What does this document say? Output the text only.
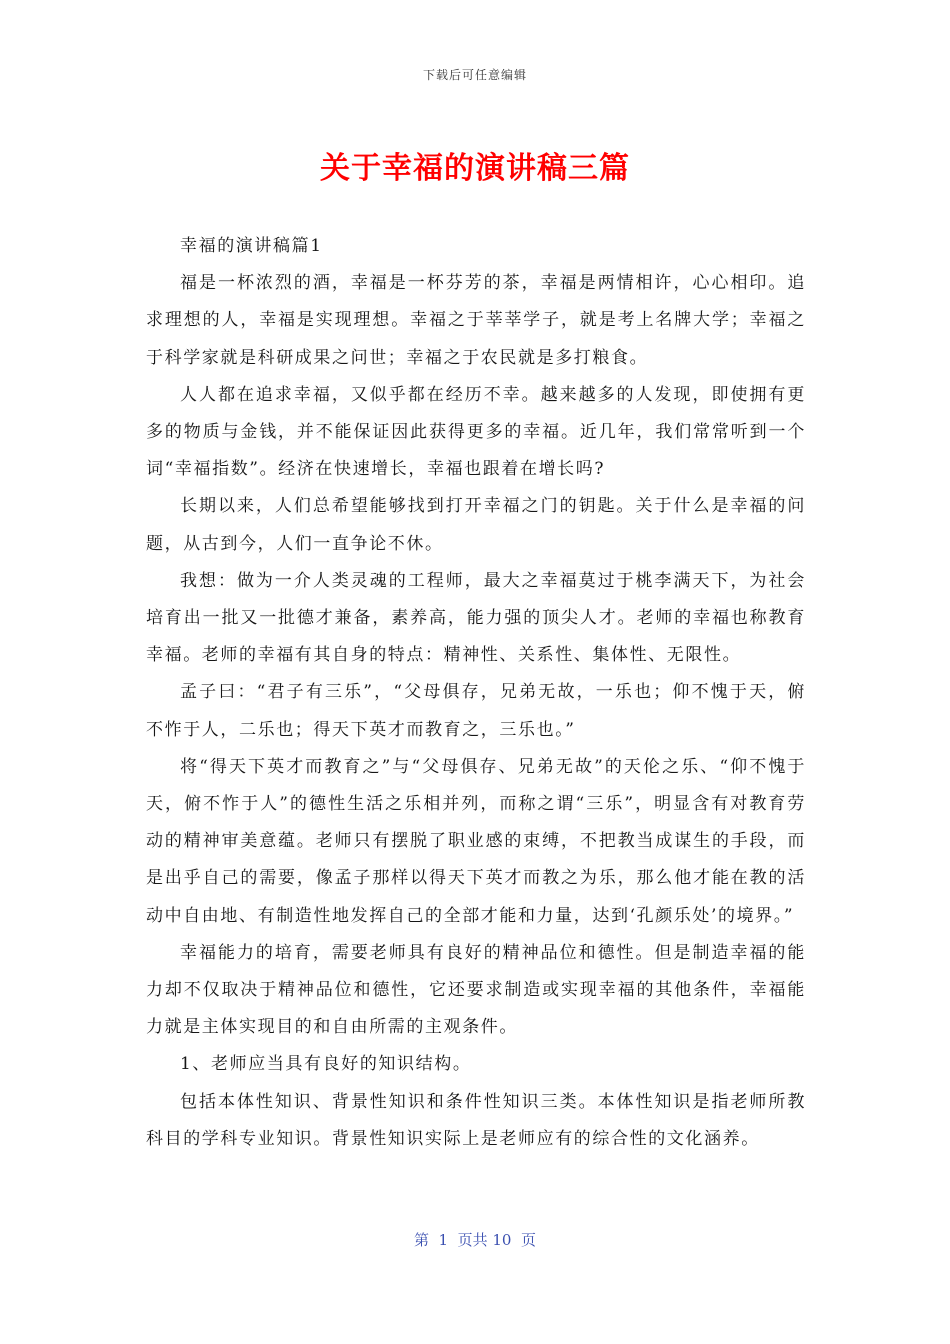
下载后可任意编辑
关于幸福的演讲稿三篇

幸福的演讲稿篇1

福是一杯浓烈的酒，幸福是一杯芬芳的茶，幸福是两情相许，心心相印。追求理想的人，幸福是实现理想。幸福之于莘莘学子，就是考上名牌大学；幸福之于科学家就是科研成果之问世；幸福之于农民就是多打粮食。

人人都在追求幸福，又似乎都在经历不幸。越来越多的人发现，即使拥有更多的物质与金钱，并不能保证因此获得更多的幸福。近几年，我们常常听到一个词“幸福指数”。经济在快速增长，幸福也跟着在增长吗?

长期以来，人们总希望能够找到打开幸福之门的钥匙。关于什么是幸福的问题，从古到今，人们一直争论不休。

我想：做为一介人类灵魂的工程师，最大之幸福莫过于桃李满天下，为社会培育出一批又一批德才兼备，素养高，能力强的顶尖人才。老师的幸福也称教育幸福。老师的幸福有其自身的特点：精神性、关系性、集体性、无限性。

孟子曰：“君子有三乐”，“父母俱存，兄弟无故，一乐也；仰不愧于天，俯不怍于人，二乐也；得天下英才而教育之，三乐也。”

将“得天下英才而教育之”与“父母俱存、兄弟无故”的天伦之乐、“仰不愧于天，俯不怍于人”的德性生活之乐相并列，而称之谓“三乐”，明显含有对教育劳动的精神审美意蕴。老师只有摆脱了职业感的束缚，不把教当成谋生的手段，而是出乎自己的需要，像孟子那样以得天下英才而教之为乐，那么他才能在教的活动中自由地、有制造性地发挥自己的全部才能和力量，达到‘孔颜乐处’的境界。”

幸福能力的培育，需要老师具有良好的精神品位和德性。但是制造幸福的能力却不仅取决于精神品位和德性，它还要求制造或实现幸福的其他条件，幸福能力就是主体实现目的和自由所需的主观条件。

1、老师应当具有良好的知识结构。

包括本体性知识、背景性知识和条件性知识三类。本体性知识是指老师所教科目的学科专业知识。背景性知识实际上是老师应有的综合性的文化涵养。

第  1  页共 10  页
